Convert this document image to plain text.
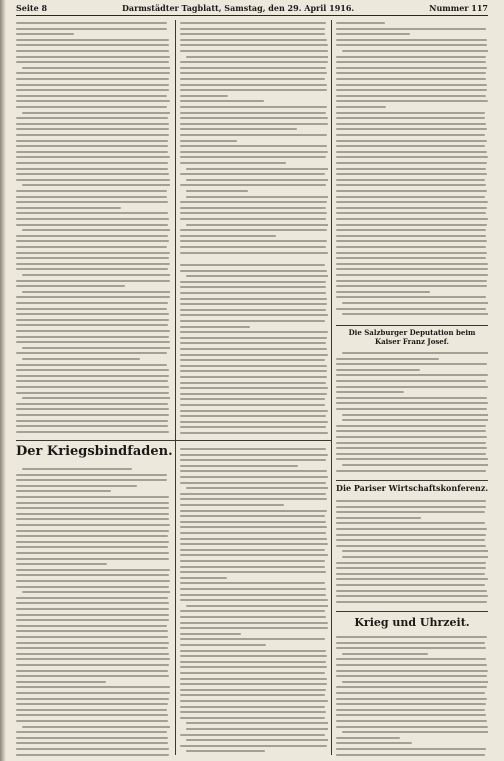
Seite 8	Darmstädter Tagblatt, Samstag, den 29. April 1916.	Nummer 117
Der Kriegsbindfaden.
Die Salzburger Deputation beim Kaiser Franz Josef.
Die Pariser Wirtschaftskonferenz.
Krieg und Uhrzeit.
